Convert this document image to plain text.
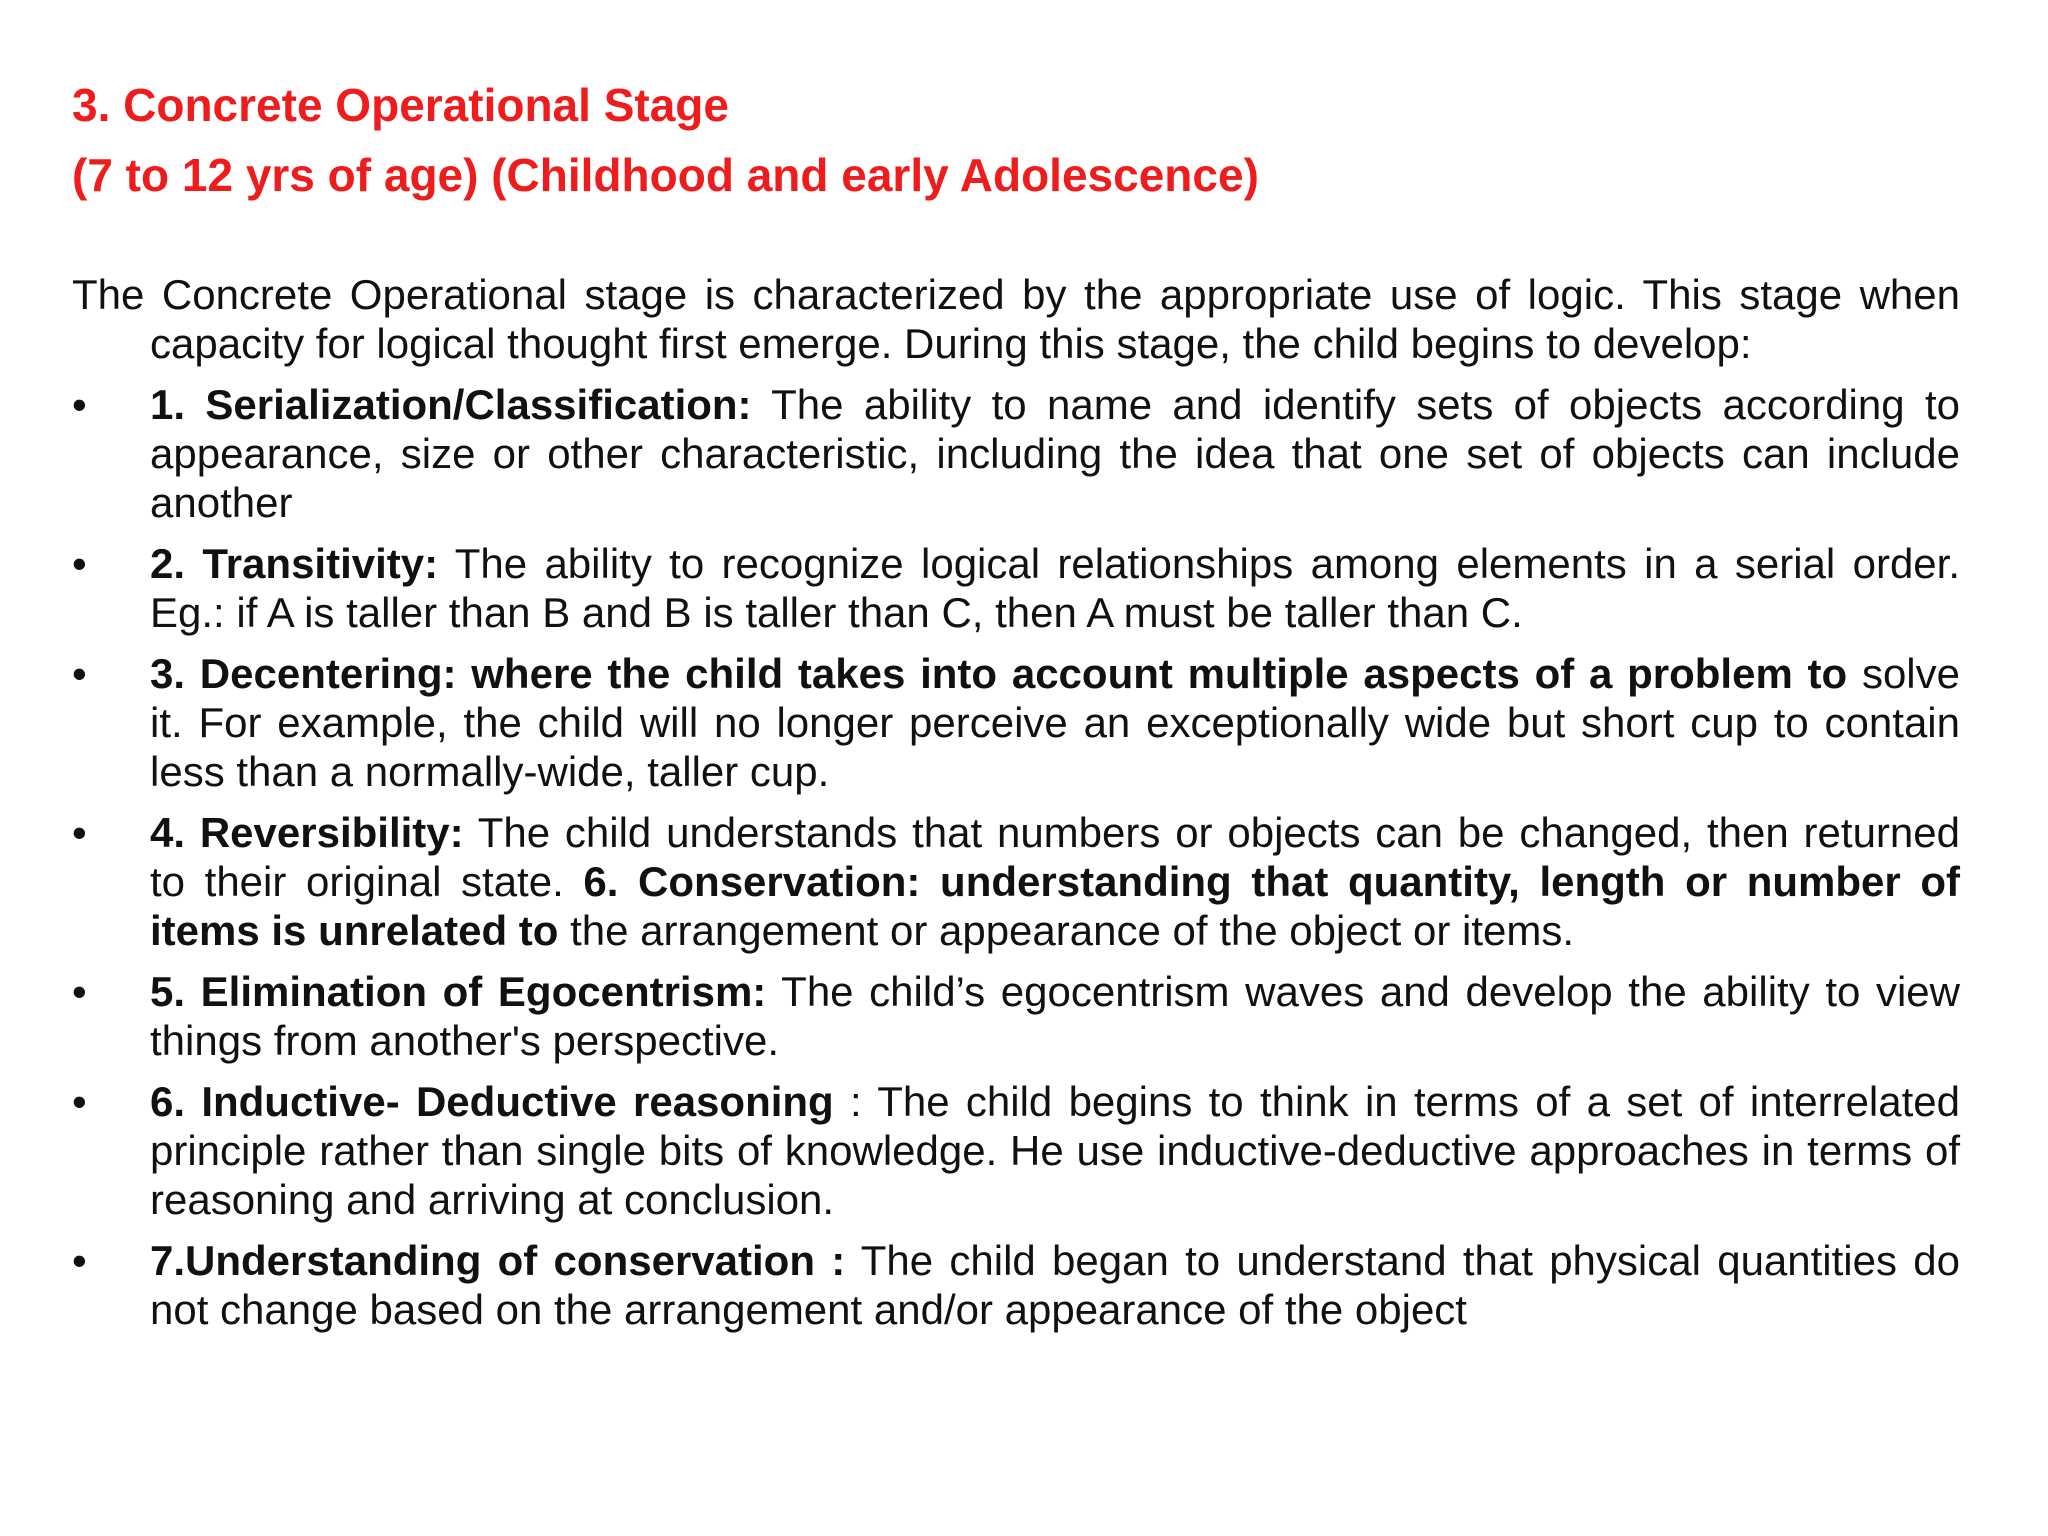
3. Concrete Operational Stage
(7 to 12 yrs of age) (Childhood and early Adolescence)

The Concrete Operational stage is characterized by the appropriate use of logic. This stage when capacity for logical thought first emerge. During this stage, the child begins to develop:

•	1. Serialization/Classification: The ability to name and identify sets of objects according to appearance, size or other characteristic, including the idea that one set of objects can include another
•	2. Transitivity: The ability to recognize logical relationships among elements in a serial order. Eg.: if A is taller than B and B is taller than C, then A must be taller than C.
•	3. Decentering: where the child takes into account multiple aspects of a problem to solve it. For example, the child will no longer perceive an exceptionally wide but short cup to contain less than a normally-wide, taller cup.
•	4. Reversibility: The child understands that numbers or objects can be changed, then returned to their original state. 6. Conservation: understanding that quantity, length or number of items is unrelated to the arrangement or appearance of the object or items.
•	5. Elimination of Egocentrism: The child’s egocentrism waves and develop the ability to view things from another's perspective.
•	6. Inductive- Deductive reasoning : The child begins to think in terms of a set of interrelated principle rather than single bits of knowledge. He use inductive-deductive approaches in terms of reasoning and arriving at conclusion.
•	7.Understanding of conservation : The child began to understand that physical quantities do not change based on the arrangement and/or appearance of the object
